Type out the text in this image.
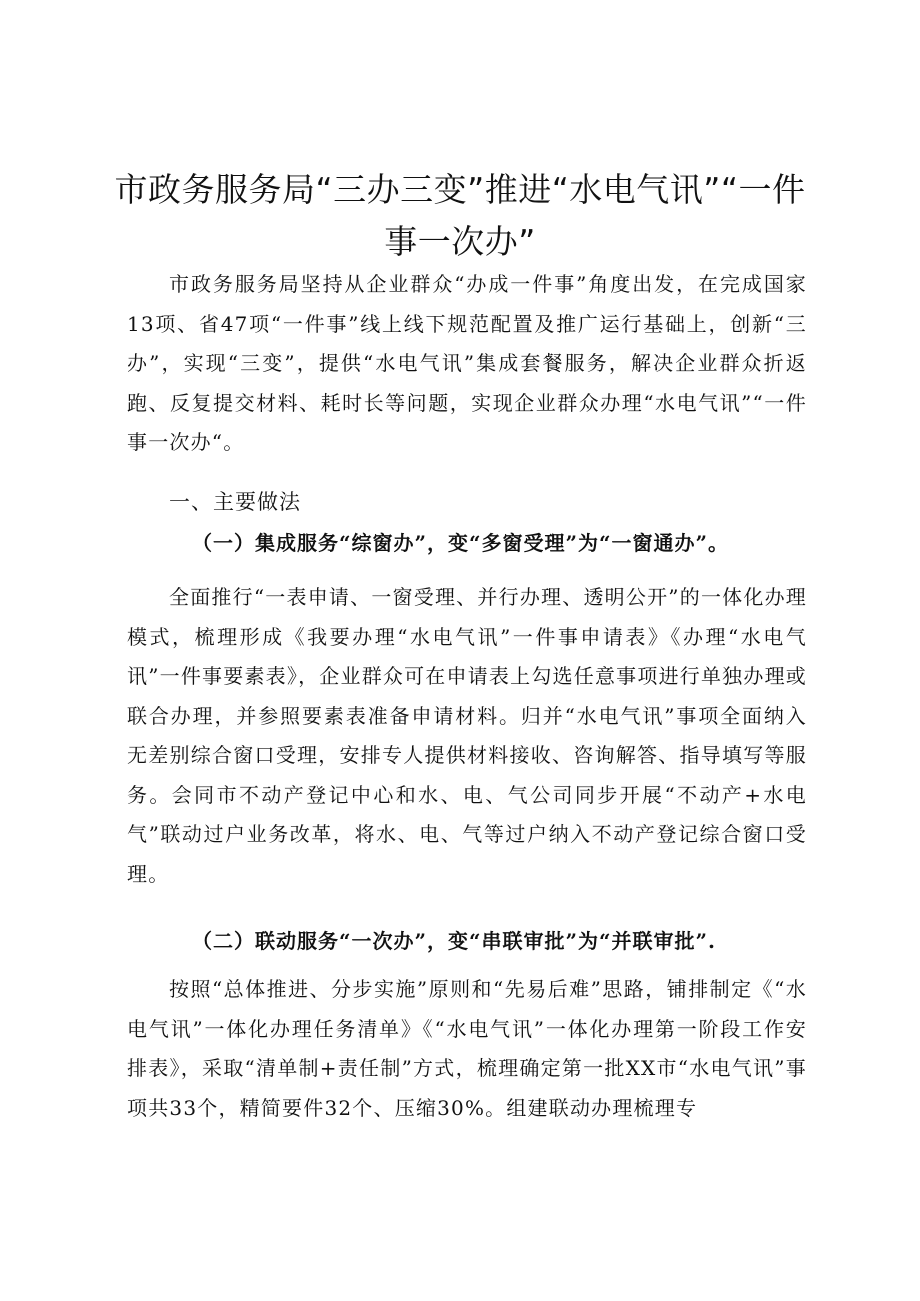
市政务服务局“三办三变”推进“水电气讯”“一件事一次办”

市政务服务局坚持从企业群众“办成一件事”角度出发，在完成国家13项、省47项“一件事”线上线下规范配置及推广运行基础上，创新“三办”，实现“三变”，提供“水电气讯”集成套餐服务，解决企业群众折返跑、反复提交材料、耗时长等问题，实现企业群众办理“水电气讯”“一件事一次办“。

一、主要做法
（一）集成服务“综窗办”，变“多窗受理”为“一窗通办”。

全面推行“一表申请、一窗受理、并行办理、透明公开”的一体化办理模式，梳理形成《我要办理“水电气讯”一件事申请表》《办理“水电气讯”一件事要素表》，企业群众可在申请表上勾选任意事项进行单独办理或联合办理，并参照要素表准备申请材料。归并“水电气讯”事项全面纳入无差别综合窗口受理，安排专人提供材料接收、咨询解答、指导填写等服务。会同市不动产登记中心和水、电、气公司同步开展“不动产+水电气”联动过户业务改革，将水、电、气等过户纳入不动产登记综合窗口受理。

（二）联动服务“一次办”，变“串联审批”为“并联审批”.

按照“总体推进、分步实施”原则和“先易后难”思路，铺排制定《“水电气讯”一体化办理任务清单》《“水电气讯”一体化办理第一阶段工作安排表》，采取“清单制+责任制”方式，梳理确定第一批XX市“水电气讯”事项共33个，精简要件32个、压缩30%。组建联动办理梳理专
